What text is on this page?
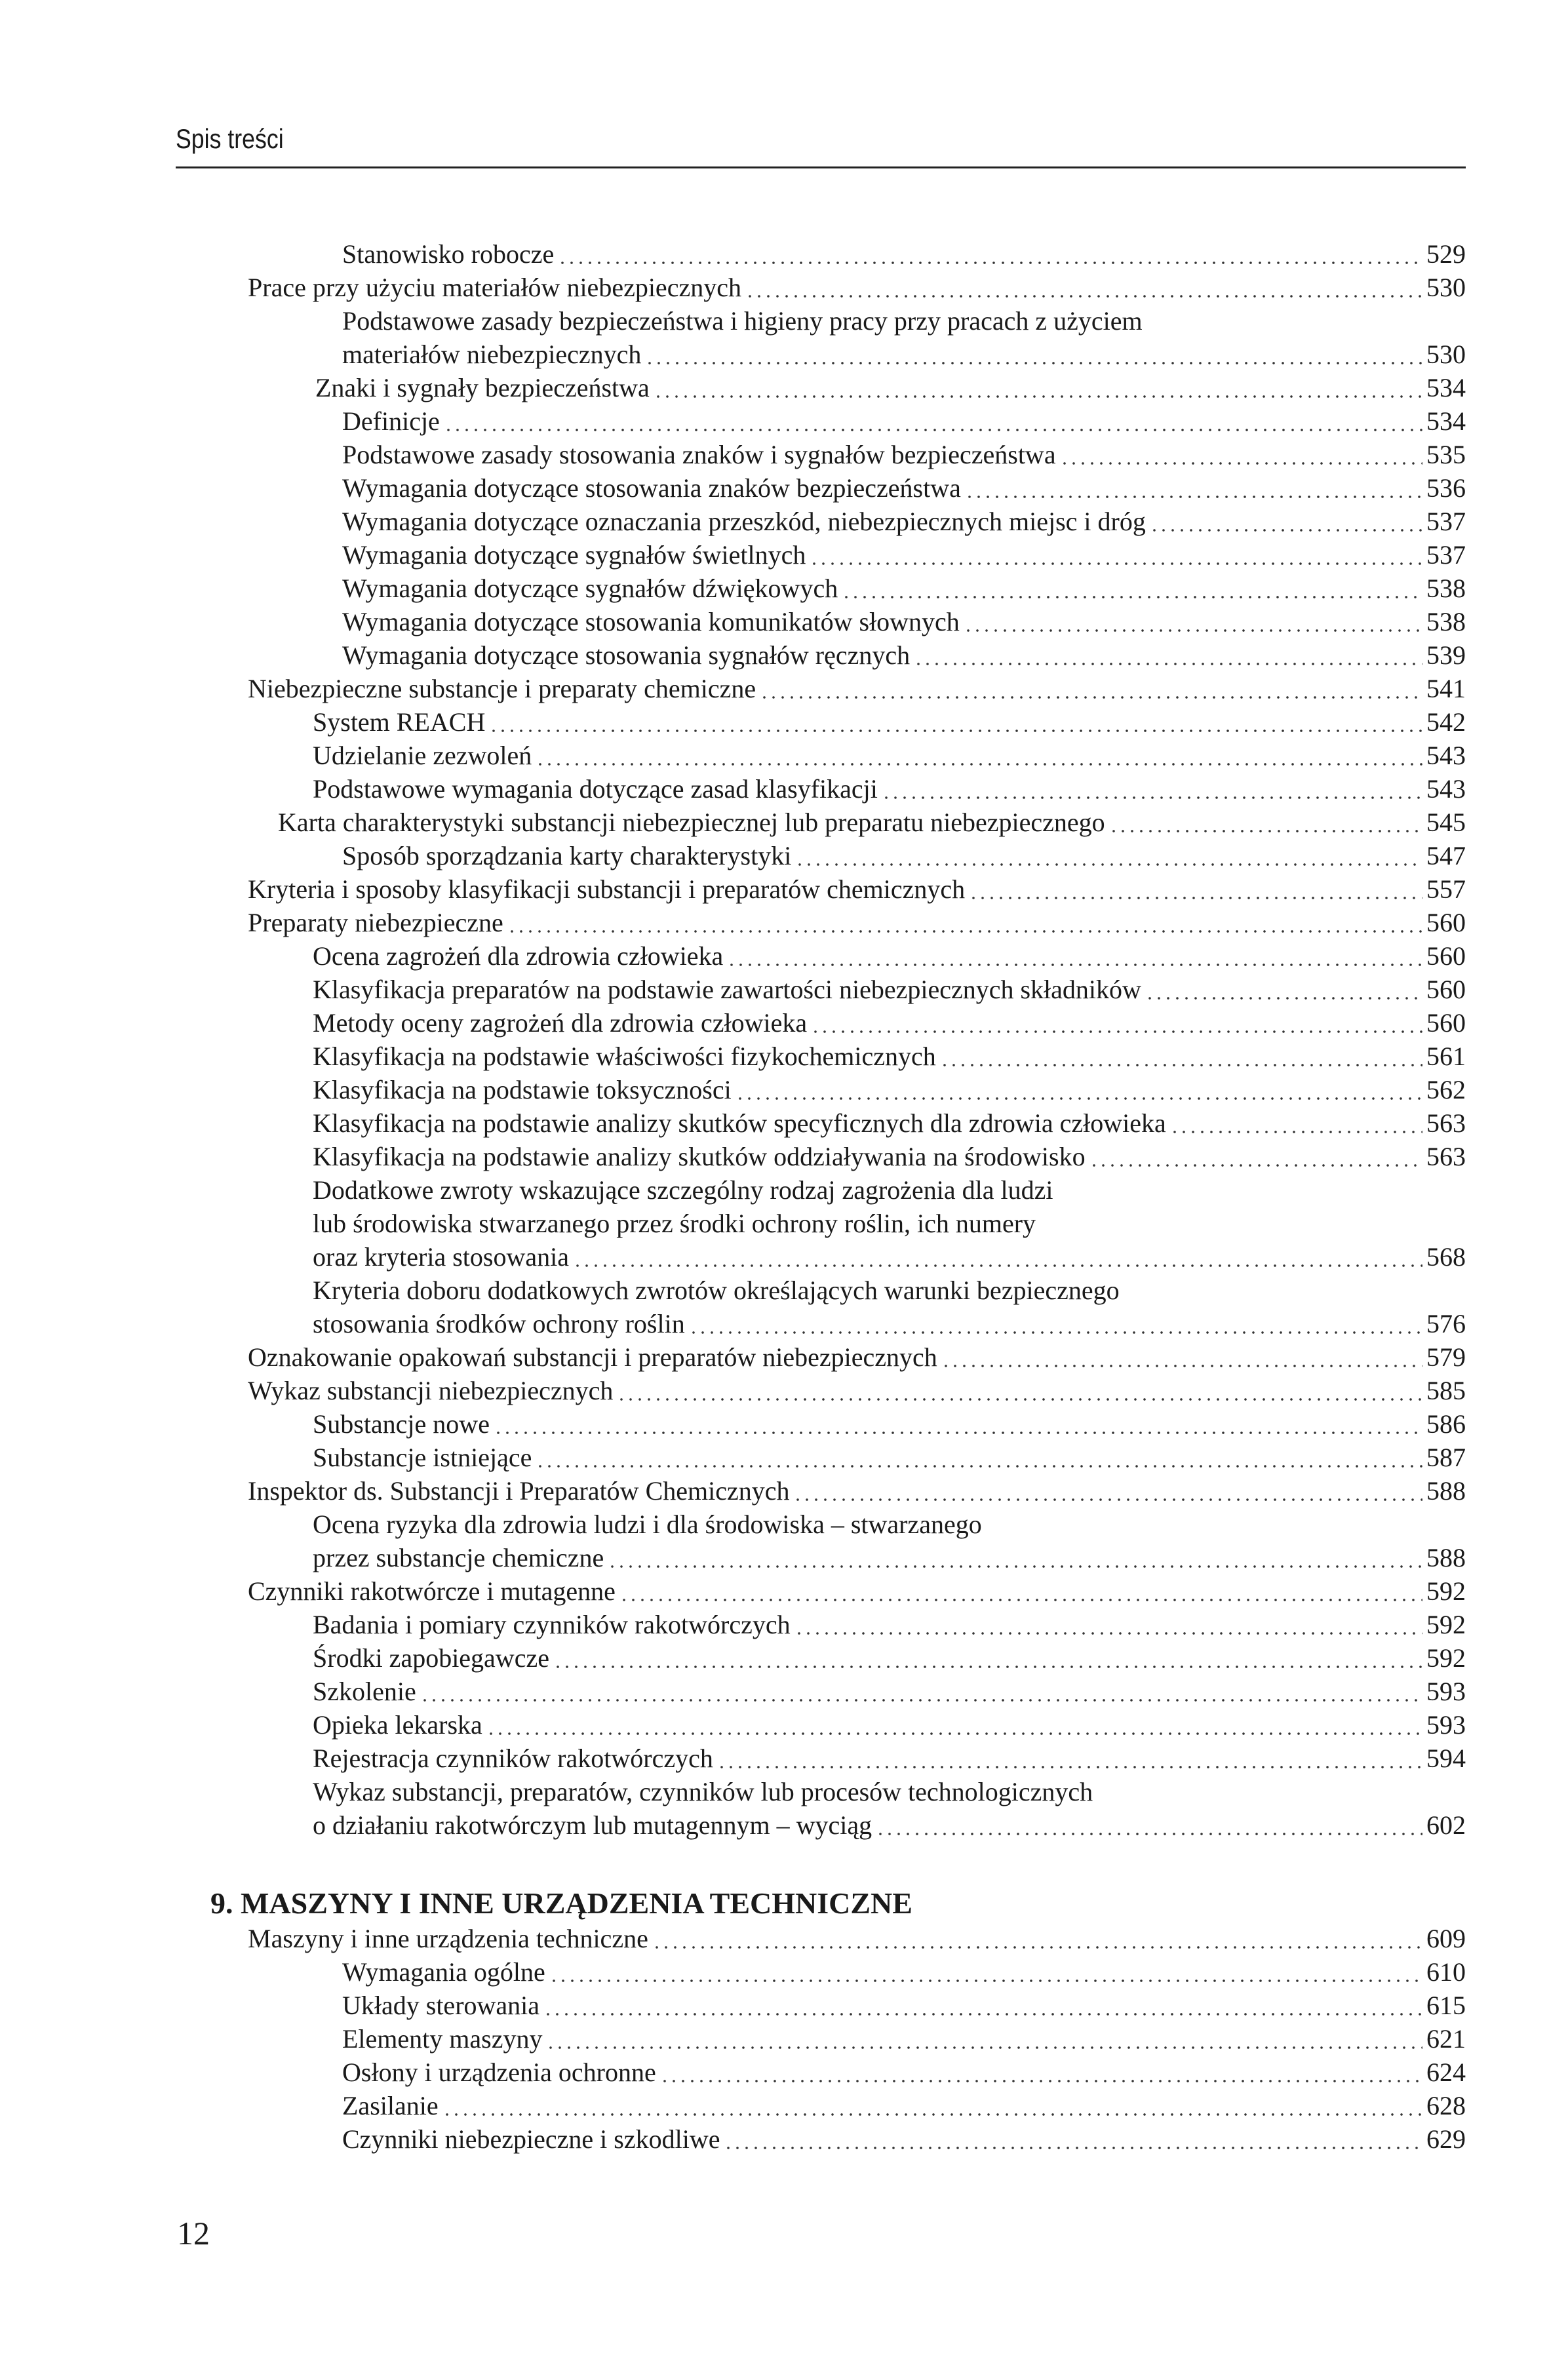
Spis treści
Stanowisko robocze	529
Prace przy użyciu materiałów niebezpiecznych	530
Podstawowe zasady bezpieczeństwa i higieny pracy przy pracach z użyciem
materiałów niebezpiecznych	530
Znaki i sygnały bezpieczeństwa	534
Definicje	534
Podstawowe zasady stosowania znaków i sygnałów bezpieczeństwa	535
Wymagania dotyczące stosowania znaków bezpieczeństwa	536
Wymagania dotyczące oznaczania przeszkód, niebezpiecznych miejsc i dróg	537
Wymagania dotyczące sygnałów świetlnych	537
Wymagania dotyczące sygnałów dźwiękowych	538
Wymagania dotyczące stosowania komunikatów słownych	538
Wymagania dotyczące stosowania sygnałów ręcznych	539
Niebezpieczne substancje i preparaty chemiczne	541
System REACH	542
Udzielanie zezwoleń	543
Podstawowe wymagania dotyczące zasad klasyfikacji	543
Karta charakterystyki substancji niebezpiecznej lub preparatu niebezpiecznego	545
Sposób sporządzania karty charakterystyki	547
Kryteria i sposoby klasyfikacji substancji i preparatów chemicznych	557
Preparaty niebezpieczne	560
Ocena zagrożeń dla zdrowia człowieka	560
Klasyfikacja preparatów na podstawie zawartości niebezpiecznych składników	560
Metody oceny zagrożeń dla zdrowia człowieka	560
Klasyfikacja na podstawie właściwości fizykochemicznych	561
Klasyfikacja na podstawie toksyczności	562
Klasyfikacja na podstawie analizy skutków specyficznych dla zdrowia człowieka	563
Klasyfikacja na podstawie analizy skutków oddziaływania na środowisko	563
Dodatkowe zwroty wskazujące szczególny rodzaj zagrożenia dla ludzi
lub środowiska stwarzanego przez środki ochrony roślin, ich numery
oraz kryteria stosowania	568
Kryteria doboru dodatkowych zwrotów określających warunki bezpiecznego
stosowania środków ochrony roślin	576
Oznakowanie opakowań substancji i preparatów niebezpiecznych	579
Wykaz substancji niebezpiecznych	585
Substancje nowe	586
Substancje istniejące	587
Inspektor ds. Substancji i Preparatów Chemicznych	588
Ocena ryzyka dla zdrowia ludzi i dla środowiska – stwarzanego
przez substancje chemiczne	588
Czynniki rakotwórcze i mutagenne	592
Badania i pomiary czynników rakotwórczych	592
Środki zapobiegawcze	592
Szkolenie	593
Opieka lekarska	593
Rejestracja czynników rakotwórczych	594
Wykaz substancji, preparatów, czynników lub procesów technologicznych
o działaniu rakotwórczym lub mutagennym – wyciąg	602
9. MASZYNY I INNE URZĄDZENIA TECHNICZNE
Maszyny i inne urządzenia techniczne	609
Wymagania ogólne	610
Układy sterowania	615
Elementy maszyny	621
Osłony i urządzenia ochronne	624
Zasilanie	628
Czynniki niebezpieczne i szkodliwe	629
12
